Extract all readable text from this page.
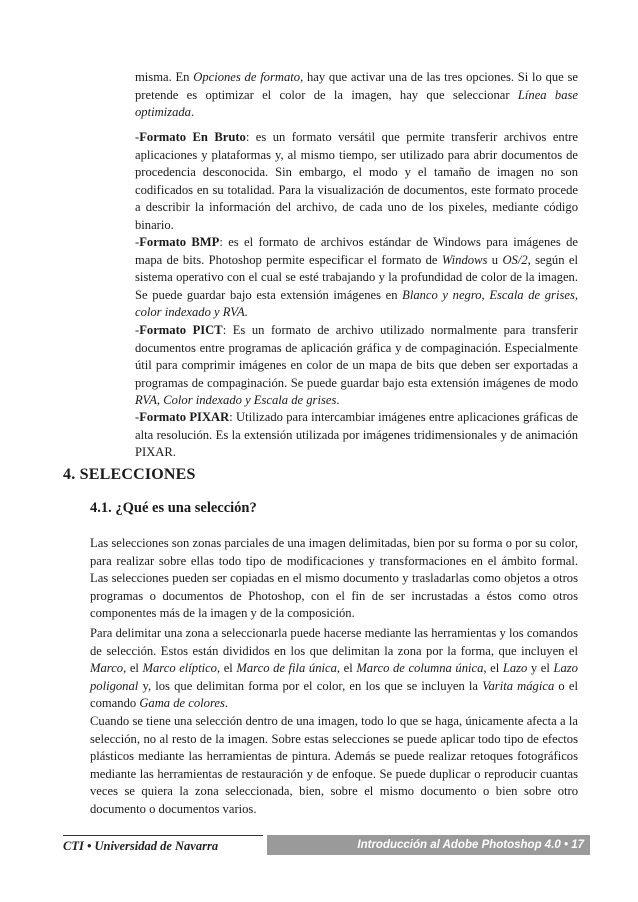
misma. En Opciones de formato, hay que activar una de las tres opciones. Si lo que se pretende es optimizar el color de la imagen, hay que seleccionar Línea base optimizada.

-Formato En Bruto: es un formato versátil que permite transferir archivos entre aplicaciones y plataformas y, al mismo tiempo, ser utilizado para abrir documentos de procedencia desconocida. Sin embargo, el modo y el tamaño de imagen no son codificados en su totalidad. Para la visualización de documentos, este formato procede a describir la información del archivo, de cada uno de los pixeles, mediante código binario.

-Formato BMP: es el formato de archivos estándar de Windows para imágenes de mapa de bits. Photoshop permite especificar el formato de Windows u OS/2, según el sistema operativo con el cual se esté trabajando y la profundidad de color de la imagen. Se puede guardar bajo esta extensión imágenes en Blanco y negro, Escala de grises, color indexado y RVA.

-Formato PICT: Es un formato de archivo utilizado normalmente para transferir documentos entre programas de aplicación gráfica y de compaginación. Especialmente útil para comprimir imágenes en color de un mapa de bits que deben ser exportadas a programas de compaginación. Se puede guardar bajo esta extensión imágenes de modo RVA, Color indexado y Escala de grises.

-Formato PIXAR: Utilizado para intercambiar imágenes entre aplicaciones gráficas de alta resolución. Es la extensión utilizada por imágenes tridimensionales y de animación PIXAR.

4. SELECCIONES
4.1. ¿Qué es una selección?

Las selecciones son zonas parciales de una imagen delimitadas, bien por su forma o por su color, para realizar sobre ellas todo tipo de modificaciones y transformaciones en el ámbito formal. Las selecciones pueden ser copiadas en el mismo documento y trasladarlas como objetos a otros programas o documentos de Photoshop, con el fin de ser incrustadas a éstos como otros componentes más de la imagen y de la composición.

Para delimitar una zona a seleccionarla puede hacerse mediante las herramientas y los comandos de selección. Estos están divididos en los que delimitan la zona por la forma, que incluyen el Marco, el Marco elíptico, el Marco de fila única, el Marco de columna única, el Lazo y el Lazo poligonal y, los que delimitan forma por el color, en los que se incluyen la Varita mágica o el comando Gama de colores.

Cuando se tiene una selección dentro de una imagen, todo lo que se haga, únicamente afecta a la selección, no al resto de la imagen. Sobre estas selecciones se puede aplicar todo tipo de efectos plásticos mediante las herramientas de pintura. Además se puede realizar retoques fotográficos mediante las herramientas de restauración y de enfoque. Se puede duplicar o reproducir cuantas veces se quiera la zona seleccionada, bien, sobre el mismo documento o bien sobre otro documento o documentos varios.

CTI • Universidad de Navarra	Introducción al Adobe Photoshop 4.0 • 17
